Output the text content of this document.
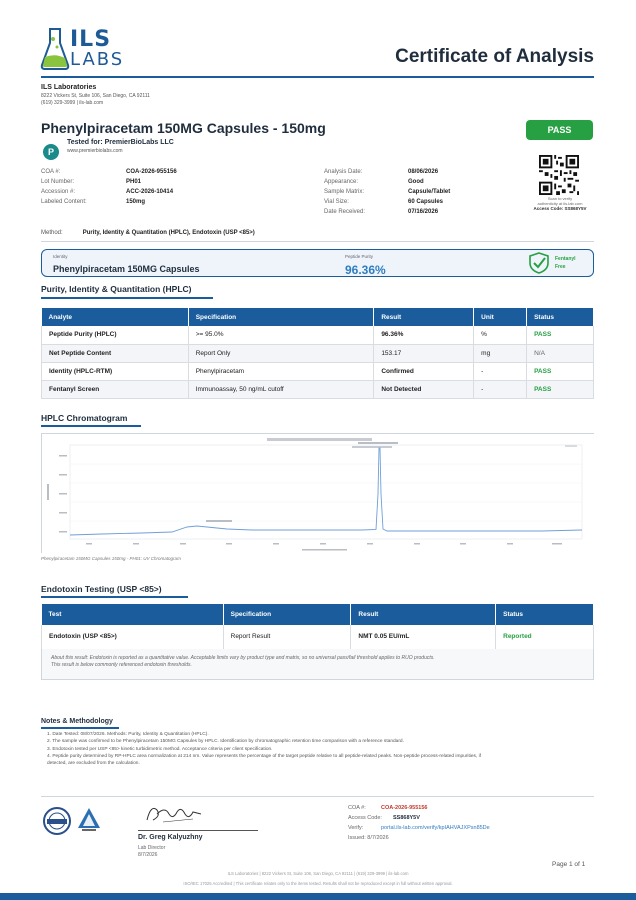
ILS
LABS	Certificate of Analysis
ILS Laboratories
8222 Vickers St, Suite 106, San Diego, CA 92111
(619) 329-3999 | ils-lab.com
Phenylpiracetam 150MG Capsules - 150mg	PASS
P
Tested for: PremierBioLabs LLC
www.premierbiolabs.com
COA #:	COA-2026-955156
Lot Number:	PH01
Accession #:	ACC-2026-10414
Labeled Content:	150mg
Analysis Date:	08/06/2026
Appearance:	Good
Sample Matrix:	Capsule/Tablet
Vial Size:	60 Capsules
Date Received:	07/16/2026
Scan to verify
authenticity at ils-lab.com
Access Code: SS868Y5V
Method:	Purity, Identity & Quantitation (HPLC), Endotoxin (USP <85>)
Identity
Phenylpiracetam 150MG Capsules
Peptide Purity
96.36%
Fentanyl
Free
Purity, Identity & Quantitation (HPLC)
Analyte	Specification	Result	Unit	Status
Peptide Purity (HPLC)	>= 95.0%	96.36%	%	PASS
Net Peptide Content	Report Only	153.17	mg	N/A
Identity (HPLC-RTM)	Phenylpiracetam	Confirmed	-	PASS
Fentanyl Screen	Immunoassay, 50 ng/mL cutoff	Not Detected	-	PASS
HPLC Chromatogram
Phenylpiracetam 150MG Capsules 150mg - PH01: UV Chromatogram
Endotoxin Testing (USP <85>)
Test	Specification	Result	Status
Endotoxin (USP <85>)	Report Result	NMT 0.05 EU/mL	Reported
About this result: Endotoxin is reported as a quantitative value. Acceptable limits vary by product type and matrix, so no universal pass/fail threshold applies to RUO products.
This result is below commonly referenced endotoxin thresholds.
Notes & Methodology
1. Date Tested: 08/07/2026. Methods: Purity, Identity & Quantitation (HPLC).
2. The sample was confirmed to be Phenylpiracetam 150MG Capsules by HPLC. Identification by chromatographic retention time comparison with a reference standard.
3. Endotoxin tested per USP <85> kinetic turbidimetric method. Acceptance criteria per client specification.
4. Peptide purity determined by RP-HPLC area normalization at 214 nm. Value represents the percentage of the target peptide relative to all peptide-related peaks. Non-peptide process-related impurities, if
detected, are excluded from the calculation.
Dr. Greg Kalyuzhny
Lab Director
8/7/2026
COA #:	COA-2026-955156
Access Code: SS868Y5V
Verify:	portal.ils-lab.com/verify/kpIAHVAJXPsn85De
Issued: 8/7/2026
Page 1 of 1
ILS Laboratories | 8222 Vickers St, Suite 106, San Diego, CA 92111 | (619) 329-3999 | ils-lab.com
ISO/IEC 17025 Accredited | This certificate relates only to the items tested. Results shall not be reproduced except in full without written approval.
